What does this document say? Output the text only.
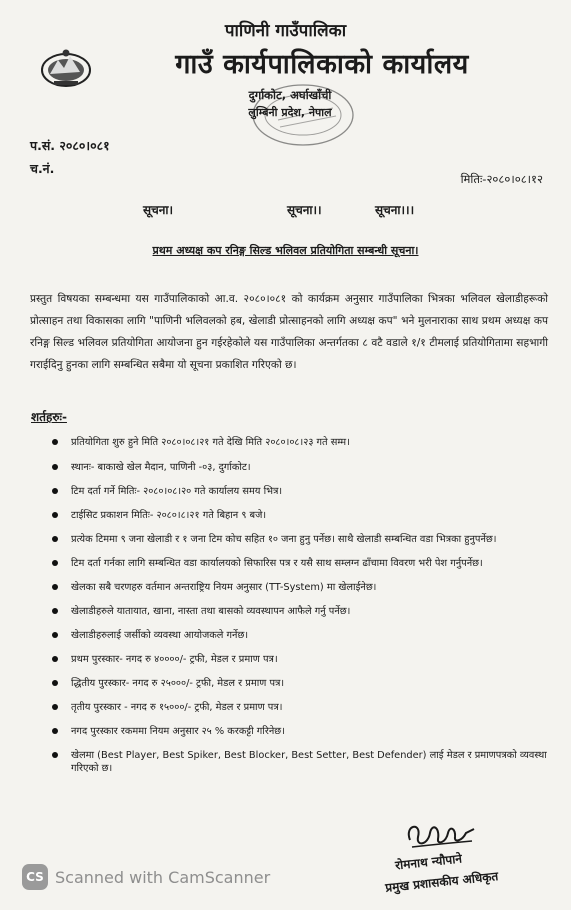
पाणिनी गाउँपालिका
गाउँ कार्यपालिकाको कार्यालय
दुर्गाकोट, अर्घाखाँची
लुम्बिनी प्रदेश, नेपाल
प.सं. २०८०।०८१
च.नं.
मितिः-२०८०।०८।१२
सूचना।	सूचना।।	सूचना।।।
प्रथम अध्यक्ष कप रनिङ्ग सिल्ड भलिवल प्रतियोगिता सम्बन्धी सूचना।
प्रस्तुत विषयका सम्बन्धमा यस गाउँपालिकाको आ.व. २०८०।०८१ को कार्यक्रम अनुसार गाउँपालिका भित्रका भलिवल खेलाडीहरूको प्रोत्साहन तथा विकासका लागि "पाणिनी भलिवलको हब, खेलाडी प्रोत्साहनको लागि अध्यक्ष कप" भने मुलनाराका साथ प्रथम अध्यक्ष कप रनिङ्ग सिल्ड भलिवल प्रतियोगिता आयोजना हुन गईरहेकोले यस गाउँपालिका अन्तर्गतका ८ वटै वडाले १/१ टीमलाई प्रतियोगितामा सहभागी गराईदिनु हुनका लागि सम्बन्धित सबैमा यो सूचना प्रकाशित गरिएको छ।
शर्तहरुः-
प्रतियोगिता शुरु हुने मिति २०८०।०८।२१ गते देखि मिति २०८०।०८।२३ गते सम्म।
स्थानः- बाकाखे खेल मैदान, पाणिनी -०३, दुर्गाकोट।
टिम दर्ता गर्ने मितिः- २०८०।०८।२० गते कार्यालय समय भित्र।
टाईसिट प्रकाशन मितिः- २०८०।८।२१ गते बिहान ९ बजे।
प्रत्येक टिममा ९ जना खेलाडी र १ जना टिम कोच सहित १० जना हुनु पर्नेछ। साथै खेलाडी सम्बन्धित वडा भित्रका हुनुपर्नेछ।
टिम दर्ता गर्नका लागि सम्बन्धित वडा कार्यालयको सिफारिस पत्र र यसै साथ सम्लग्न ढाँचामा विवरण भरी पेश गर्नुपर्नेछ।
खेलका सबै चरणहरु वर्तमान अन्तराष्ट्रिय नियम अनुसार (TT-System) मा खेलाईनेछ।
खेलाडीहरुले यातायात, खाना, नास्ता तथा बासको व्यवस्थापन आफैले गर्नु पर्नेछ।
खेलाडीहरुलाई जर्सीको व्यवस्था आयोजकले गर्नेछ।
प्रथम पुरस्कार- नगद रु ४००००/- ट्रफी, मेडल र प्रमाण पत्र।
द्धितीय पुरस्कार- नगद रु २५०००/- ट्रफी, मेडल र प्रमाण पत्र।
तृतीय पुरस्कार - नगद रु १५०००/- ट्रफी, मेडल र प्रमाण पत्र।
नगद पुरस्कार रकममा नियम अनुसार २५ % करकट्टी गरिनेछ।
खेलमा (Best Player, Best Spiker, Best Blocker, Best Setter, Best Defender) लाई मेडल र प्रमाणपत्रको व्यवस्था गरिएको छ।
रोमनाथ न्यौपाने
प्रमुख प्रशासकीय अधिकृत
CS Scanned with CamScanner
